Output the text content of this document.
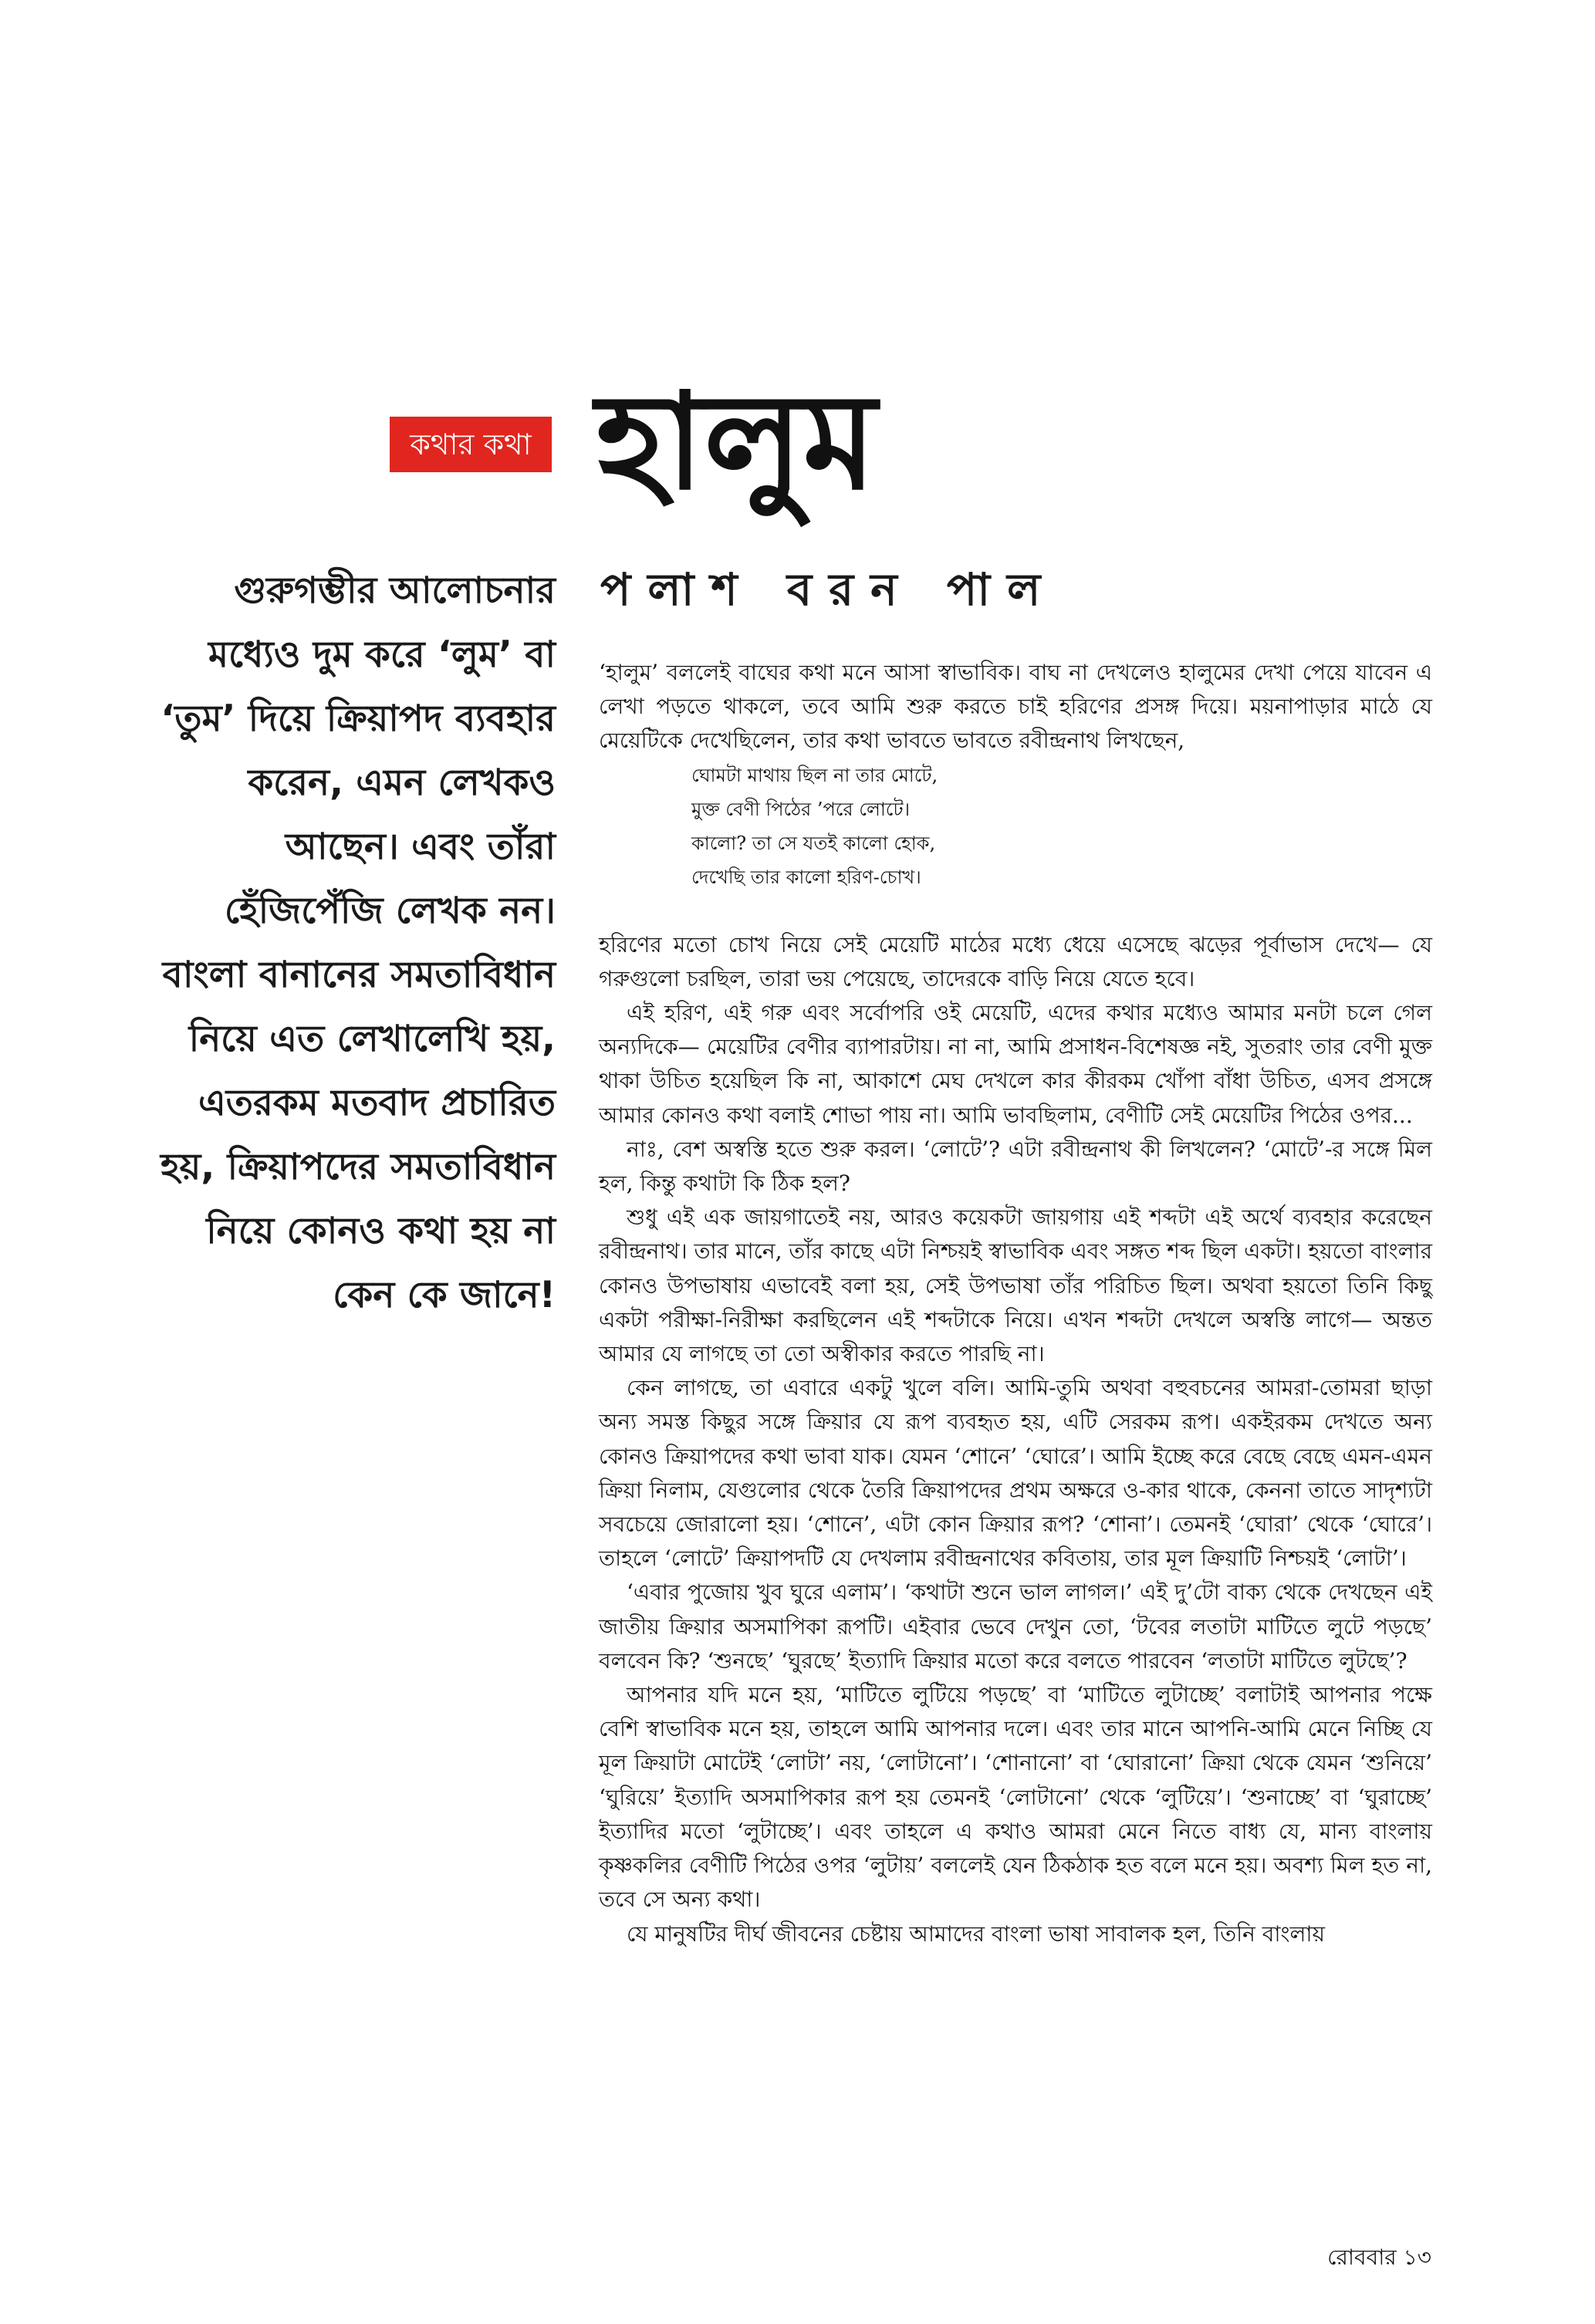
কথার কথা হালুম
পলাশ বরন পাল
গুরুগম্ভীর আলোচনার মধ্যেও দুম করে ‘লুম’ বা ‘তুম’ দিয়ে ক্রিয়াপদ ব্যবহার করেন, এমন লেখকও আছেন। এবং তাঁরা হেঁজিপেঁজি লেখক নন। বাংলা বানানের সমতাবিধান নিয়ে এত লেখালেখি হয়, এতরকম মতবাদ প্রচারিত হয়, ক্রিয়াপদের সমতাবিধান নিয়ে কোনও কথা হয় না কেন কে জানে!

‘হালুম’ বললেই বাঘের কথা মনে আসা স্বাভাবিক। বাঘ না দেখলেও হালুমের দেখা পেয়ে যাবেন এ লেখা পড়তে থাকলে, তবে আমি শুরু করতে চাই হরিণের প্রসঙ্গ দিয়ে। ময়নাপাড়ার মাঠে যে মেয়েটিকে দেখেছিলেন, তার কথা ভাবতে ভাবতে রবীন্দ্রনাথ লিখছেন,

ঘোমটা মাথায় ছিল না তার মোটে,
মুক্ত বেণী পিঠের ’পরে লোটে।
কালো? তা সে যতই কালো হোক,
দেখেছি তার কালো হরিণ-চোখ।

হরিণের মতো চোখ নিয়ে সেই মেয়েটি মাঠের মধ্যে ধেয়ে এসেছে ঝড়ের পূর্বাভাস দেখে— যে গরুগুলো চরছিল, তারা ভয় পেয়েছে, তাদেরকে বাড়ি নিয়ে যেতে হবে।

এই হরিণ, এই গরু এবং সর্বোপরি ওই মেয়েটি, এদের কথার মধ্যেও আমার মনটা চলে গেল অন্যদিকে— মেয়েটির বেণীর ব্যাপারটায়। না না, আমি প্রসাধন-বিশেষজ্ঞ নই, সুতরাং তার বেণী মুক্ত থাকা উচিত হয়েছিল কি না, আকাশে মেঘ দেখলে কার কীরকম খোঁপা বাঁধা উচিত, এসব প্রসঙ্গে আমার কোনও কথা বলাই শোভা পায় না। আমি ভাবছিলাম, বেণীটি সেই মেয়েটির পিঠের ওপর...

নাঃ, বেশ অস্বস্তি হতে শুরু করল। ‘লোটে’? এটা রবীন্দ্রনাথ কী লিখলেন? ‘মোটে’-র সঙ্গে মিল হল, কিন্তু কথাটা কি ঠিক হল?

শুধু এই এক জায়গাতেই নয়, আরও কয়েকটা জায়গায় এই শব্দটা এই অর্থে ব্যবহার করেছেন রবীন্দ্রনাথ। তার মানে, তাঁর কাছে এটা নিশ্চয়ই স্বাভাবিক এবং সঙ্গত শব্দ ছিল একটা। হয়তো বাংলার কোনও উপভাষায় এভাবেই বলা হয়, সেই উপভাষা তাঁর পরিচিত ছিল। অথবা হয়তো তিনি কিছু একটা পরীক্ষা-নিরীক্ষা করছিলেন এই শব্দটাকে নিয়ে। এখন শব্দটা দেখলে অস্বস্তি লাগে— অন্তত আমার যে লাগছে তা তো অস্বীকার করতে পারছি না।

কেন লাগছে, তা এবারে একটু খুলে বলি। আমি-তুমি অথবা বহুবচনের আমরা-তোমরা ছাড়া অন্য সমস্ত কিছুর সঙ্গে ক্রিয়ার যে রূপ ব্যবহৃত হয়, এটি সেরকম রূপ। একইরকম দেখতে অন্য কোনও ক্রিয়াপদের কথা ভাবা যাক। যেমন ‘শোনে’ ‘ঘোরে’। আমি ইচ্ছে করে বেছে বেছে এমন-এমন ক্রিয়া নিলাম, যেগুলোর থেকে তৈরি ক্রিয়াপদের প্রথম অক্ষরে ও-কার থাকে, কেননা তাতে সাদৃশ্যটা সবচেয়ে জোরালো হয়। ‘শোনে’, এটা কোন ক্রিয়ার রূপ? ‘শোনা’। তেমনই ‘ঘোরা’ থেকে ‘ঘোরে’। তাহলে ‘লোটে’ ক্রিয়াপদটি যে দেখলাম রবীন্দ্রনাথের কবিতায়, তার মূল ক্রিয়াটি নিশ্চয়ই ‘লোটা’।

‘এবার পুজোয় খুব ঘুরে এলাম’। ‘কথাটা শুনে ভাল লাগল।’ এই দু’টো বাক্য থেকে দেখছেন এই জাতীয় ক্রিয়ার অসমাপিকা রূপটি। এইবার ভেবে দেখুন তো, ‘টবের লতাটা মাটিতে লুটে পড়ছে’ বলবেন কি? ‘শুনছে’ ‘ঘুরছে’ ইত্যাদি ক্রিয়ার মতো করে বলতে পারবেন ‘লতাটা মাটিতে লুটছে’?

আপনার যদি মনে হয়, ‘মাটিতে লুটিয়ে পড়ছে’ বা ‘মাটিতে লুটাচ্ছে’ বলাটাই আপনার পক্ষে বেশি স্বাভাবিক মনে হয়, তাহলে আমি আপনার দলে। এবং তার মানে আপনি-আমি মেনে নিচ্ছি যে মূল ক্রিয়াটা মোটেই ‘লোটা’ নয়, ‘লোটানো’। ‘শোনানো’ বা ‘ঘোরানো’ ক্রিয়া থেকে যেমন ‘শুনিয়ে’ ‘ঘুরিয়ে’ ইত্যাদি অসমাপিকার রূপ হয় তেমনই ‘লোটানো’ থেকে ‘লুটিয়ে’। ‘শুনাচ্ছে’ বা ‘ঘুরাচ্ছে’ ইত্যাদির মতো ‘লুটাচ্ছে’। এবং তাহলে এ কথাও আমরা মেনে নিতে বাধ্য যে, মান্য বাংলায় কৃষ্ণকলির বেণীটি পিঠের ওপর ‘লুটায়’ বললেই যেন ঠিকঠাক হত বলে মনে হয়। অবশ্য মিল হত না, তবে সে অন্য কথা।

যে মানুষটির দীর্ঘ জীবনের চেষ্টায় আমাদের বাংলা ভাষা সাবালক হল, তিনি বাংলায়

রোববার ১৩
